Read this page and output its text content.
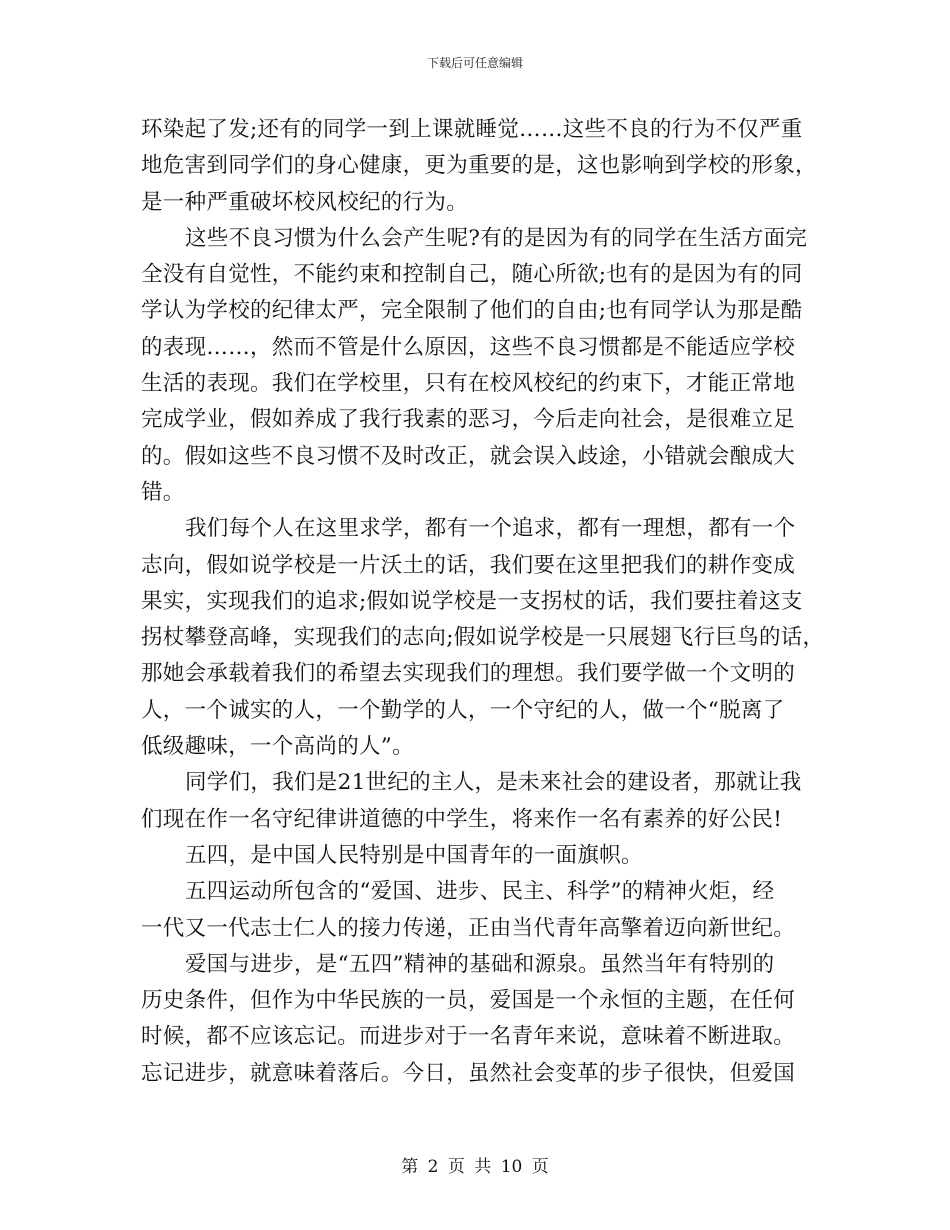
下载后可任意编辑
环染起了发;还有的同学一到上课就睡觉……这些不良的行为不仅严重
地危害到同学们的身心健康，更为重要的是，这也影响到学校的形象，
是一种严重破坏校风校纪的行为。
这些不良习惯为什么会产生呢?有的是因为有的同学在生活方面完
全没有自觉性，不能约束和控制自己，随心所欲;也有的是因为有的同
学认为学校的纪律太严，完全限制了他们的自由;也有同学认为那是酷
的表现……，然而不管是什么原因，这些不良习惯都是不能适应学校
生活的表现。我们在学校里，只有在校风校纪的约束下，才能正常地
完成学业，假如养成了我行我素的恶习，今后走向社会，是很难立足
的。假如这些不良习惯不及时改正，就会误入歧途，小错就会酿成大
错。
我们每个人在这里求学，都有一个追求，都有一理想，都有一个
志向，假如说学校是一片沃土的话，我们要在这里把我们的耕作变成
果实，实现我们的追求;假如说学校是一支拐杖的话，我们要拄着这支
拐杖攀登高峰，实现我们的志向;假如说学校是一只展翅飞行巨鸟的话，
那她会承载着我们的希望去实现我们的理想。我们要学做一个文明的
人，一个诚实的人，一个勤学的人，一个守纪的人，做一个“脱离了
低级趣味，一个高尚的人”。
同学们，我们是21世纪的主人，是未来社会的建设者，那就让我
们现在作一名守纪律讲道德的中学生，将来作一名有素养的好公民!
五四，是中国人民特别是中国青年的一面旗帜。
五四运动所包含的“爱国、进步、民主、科学”的精神火炬，经
一代又一代志士仁人的接力传递，正由当代青年高擎着迈向新世纪。
爱国与进步，是“五四”精神的基础和源泉。虽然当年有特别的
历史条件，但作为中华民族的一员，爱国是一个永恒的主题，在任何
时候，都不应该忘记。而进步对于一名青年来说，意味着不断进取。
忘记进步，就意味着落后。今日，虽然社会变革的步子很快，但爱国
第 2 页 共 10 页
